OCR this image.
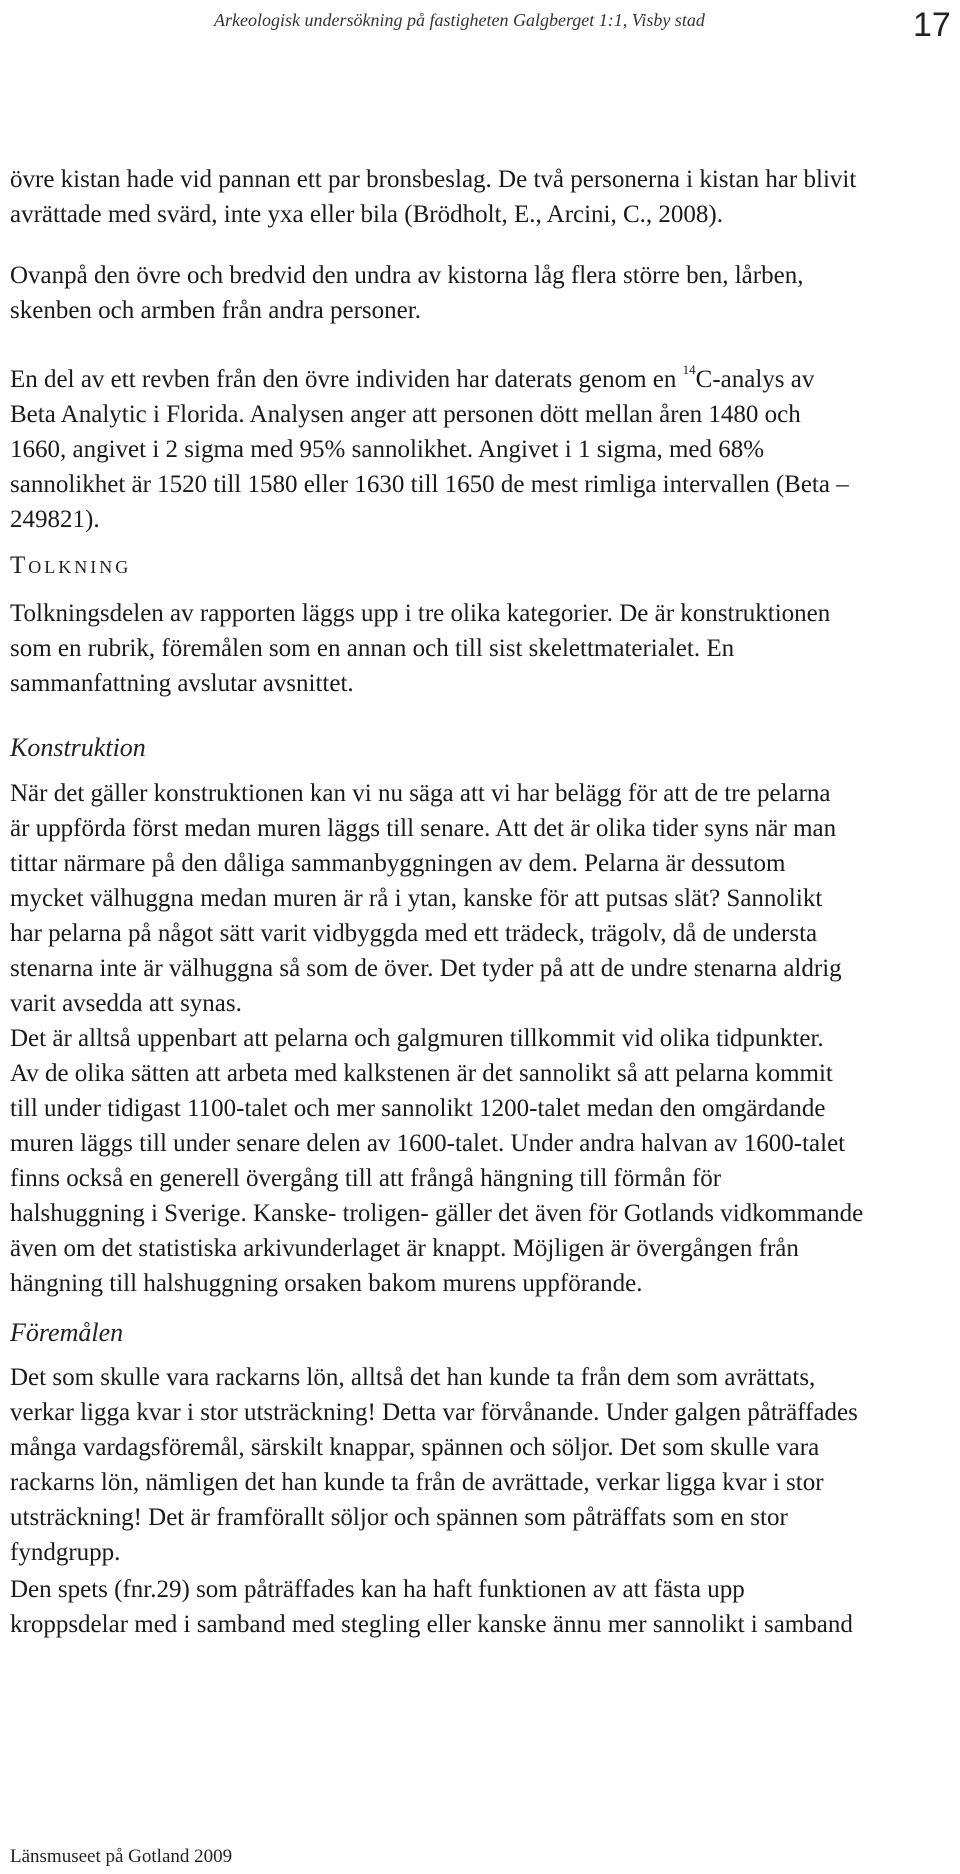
Arkeologisk undersökning på fastigheten Galgberget 1:1, Visby stad	17
övre kistan hade vid pannan ett par bronsbeslag. De två personerna i kistan har blivit
avrättade med svärd, inte yxa eller bila (Brödholt, E., Arcini, C., 2008).
Ovanpå den övre och bredvid den undra av kistorna låg flera större ben, lårben,
skenben och armben från andra personer.
En del av ett revben från den övre individen har daterats genom en $^{14}$C-analys av
Beta Analytic i Florida. Analysen anger att personen dött mellan åren 1480 och
1660, angivet i 2 sigma med 95% sannolikhet. Angivet i 1 sigma, med 68%
sannolikhet är 1520 till 1580 eller 1630 till 1650 de mest rimliga intervallen (Beta –
249821).
Tolkning
Tolkningsdelen av rapporten läggs upp i tre olika kategorier. De är konstruktionen
som en rubrik, föremålen som en annan och till sist skelettmaterialet. En
sammanfattning avslutar avsnittet.
Konstruktion
När det gäller konstruktionen kan vi nu säga att vi har belägg för att de tre pelarna
är uppförda först medan muren läggs till senare. Att det är olika tider syns när man
tittar närmare på den dåliga sammanbyggningen av dem. Pelarna är dessutom
mycket välhuggna medan muren är rå i ytan, kanske för att putsas slät? Sannolikt
har pelarna på något sätt varit vidbyggda med ett trädeck, trägolv, då de understa
stenarna inte är välhuggna så som de över. Det tyder på att de undre stenarna aldrig
varit avsedda att synas.
Det är alltså uppenbart att pelarna och galgmuren tillkommit vid olika tidpunkter.
Av de olika sätten att arbeta med kalkstenen är det sannolikt så att pelarna kommit
till under tidigast 1100-talet och mer sannolikt 1200-talet medan den omgärdande
muren läggs till under senare delen av 1600-talet. Under andra halvan av 1600-talet
finns också en generell övergång till att frångå hängning till förmån för
halshuggning i Sverige. Kanske- troligen- gäller det även för Gotlands vidkommande
även om det statistiska arkivunderlaget är knappt. Möjligen är övergången från
hängning till halshuggning orsaken bakom murens uppförande.
Föremålen
Det som skulle vara rackarns lön, alltså det han kunde ta från dem som avrättats,
verkar ligga kvar i stor utsträckning! Detta var förvånande. Under galgen påträffades
många vardagsföremål, särskilt knappar, spännen och söljor. Det som skulle vara
rackarns lön, nämligen det han kunde ta från de avrättade, verkar ligga kvar i stor
utsträckning! Det är framförallt söljor och spännen som påträffats som en stor
fyndgrupp.
Den spets (fnr.29) som påträffades kan ha haft funktionen av att fästa upp
kroppsdelar med i samband med stegling eller kanske ännu mer sannolikt i samband
Länsmuseet på Gotland 2009
